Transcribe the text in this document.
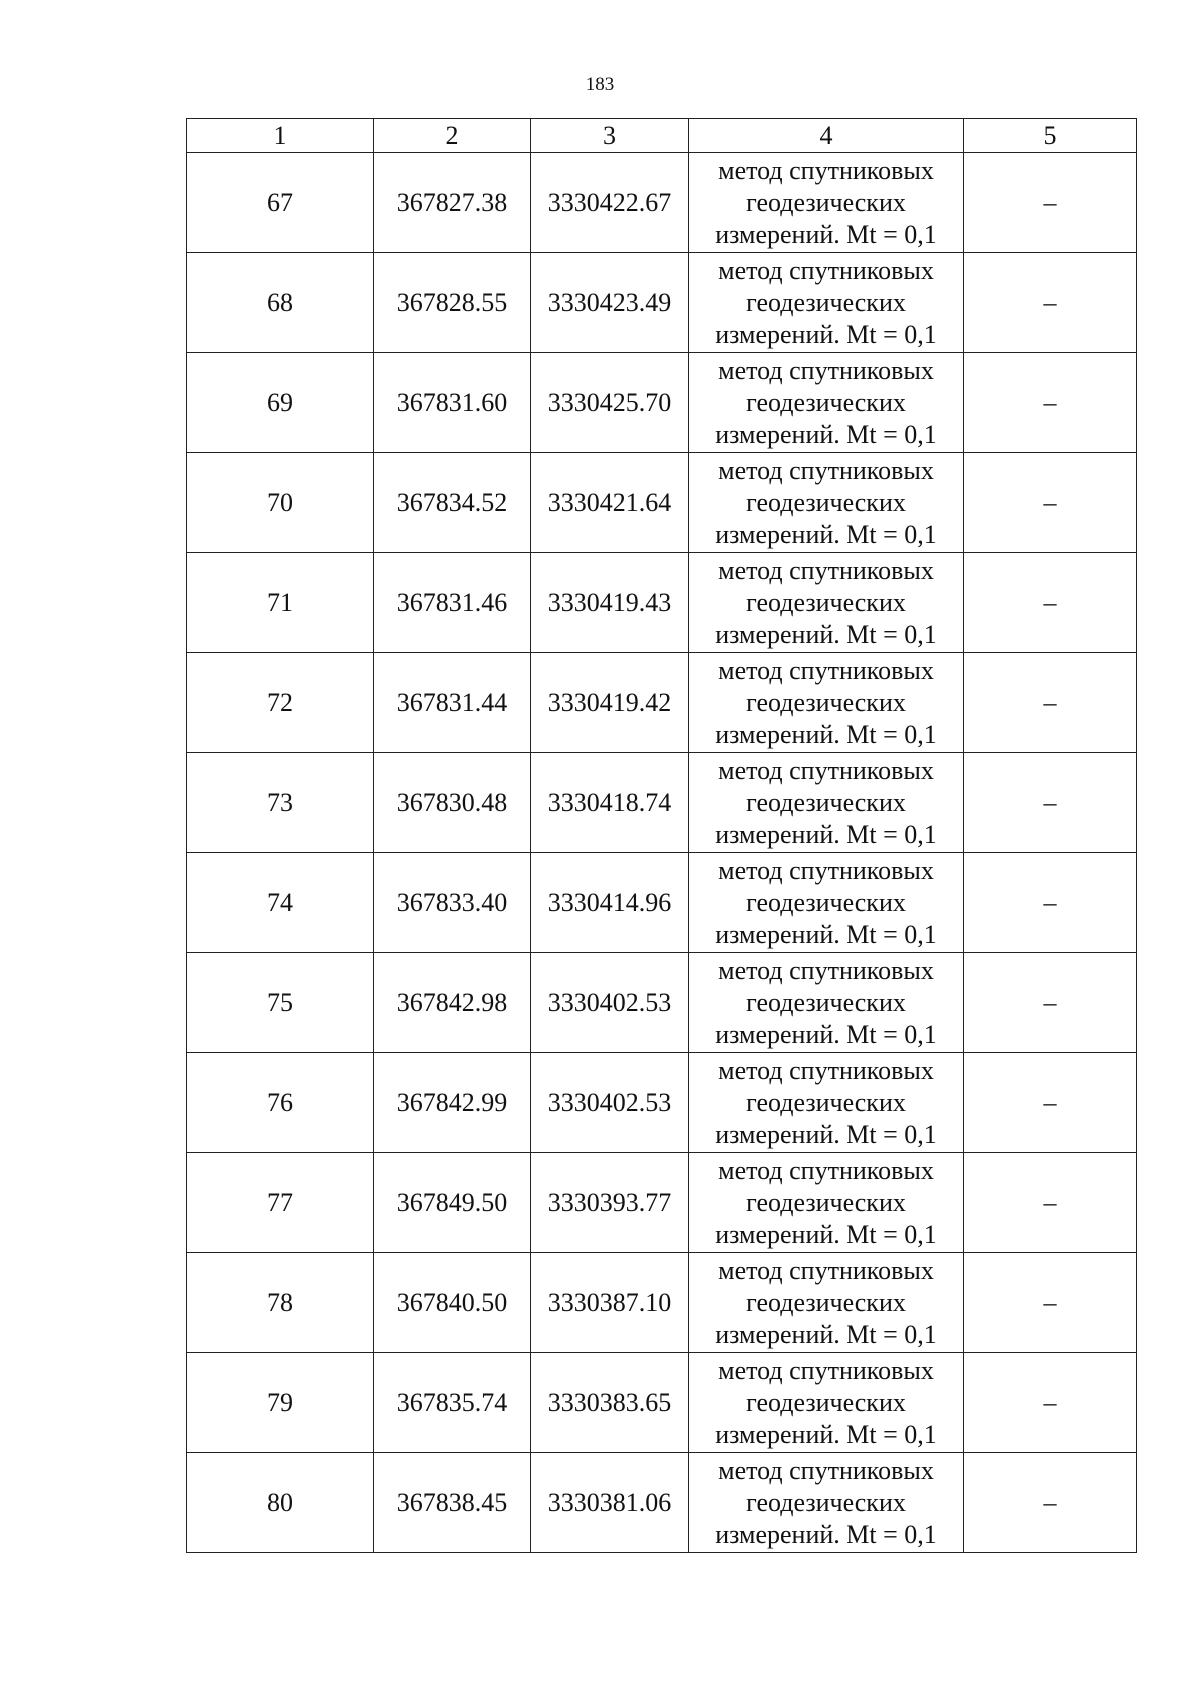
183
1	2	3	4	5
67	367827.38	3330422.67	метод спутниковых
геодезических
измерений. Mt = 0,1	–
68	367828.55	3330423.49	метод спутниковых
геодезических
измерений. Mt = 0,1	–
69	367831.60	3330425.70	метод спутниковых
геодезических
измерений. Mt = 0,1	–
70	367834.52	3330421.64	метод спутниковых
геодезических
измерений. Mt = 0,1	–
71	367831.46	3330419.43	метод спутниковых
геодезических
измерений. Mt = 0,1	–
72	367831.44	3330419.42	метод спутниковых
геодезических
измерений. Mt = 0,1	–
73	367830.48	3330418.74	метод спутниковых
геодезических
измерений. Mt = 0,1	–
74	367833.40	3330414.96	метод спутниковых
геодезических
измерений. Mt = 0,1	–
75	367842.98	3330402.53	метод спутниковых
геодезических
измерений. Mt = 0,1	–
76	367842.99	3330402.53	метод спутниковых
геодезических
измерений. Mt = 0,1	–
77	367849.50	3330393.77	метод спутниковых
геодезических
измерений. Mt = 0,1	–
78	367840.50	3330387.10	метод спутниковых
геодезических
измерений. Mt = 0,1	–
79	367835.74	3330383.65	метод спутниковых
геодезических
измерений. Mt = 0,1	–
80	367838.45	3330381.06	метод спутниковых
геодезических
измерений. Mt = 0,1	–
